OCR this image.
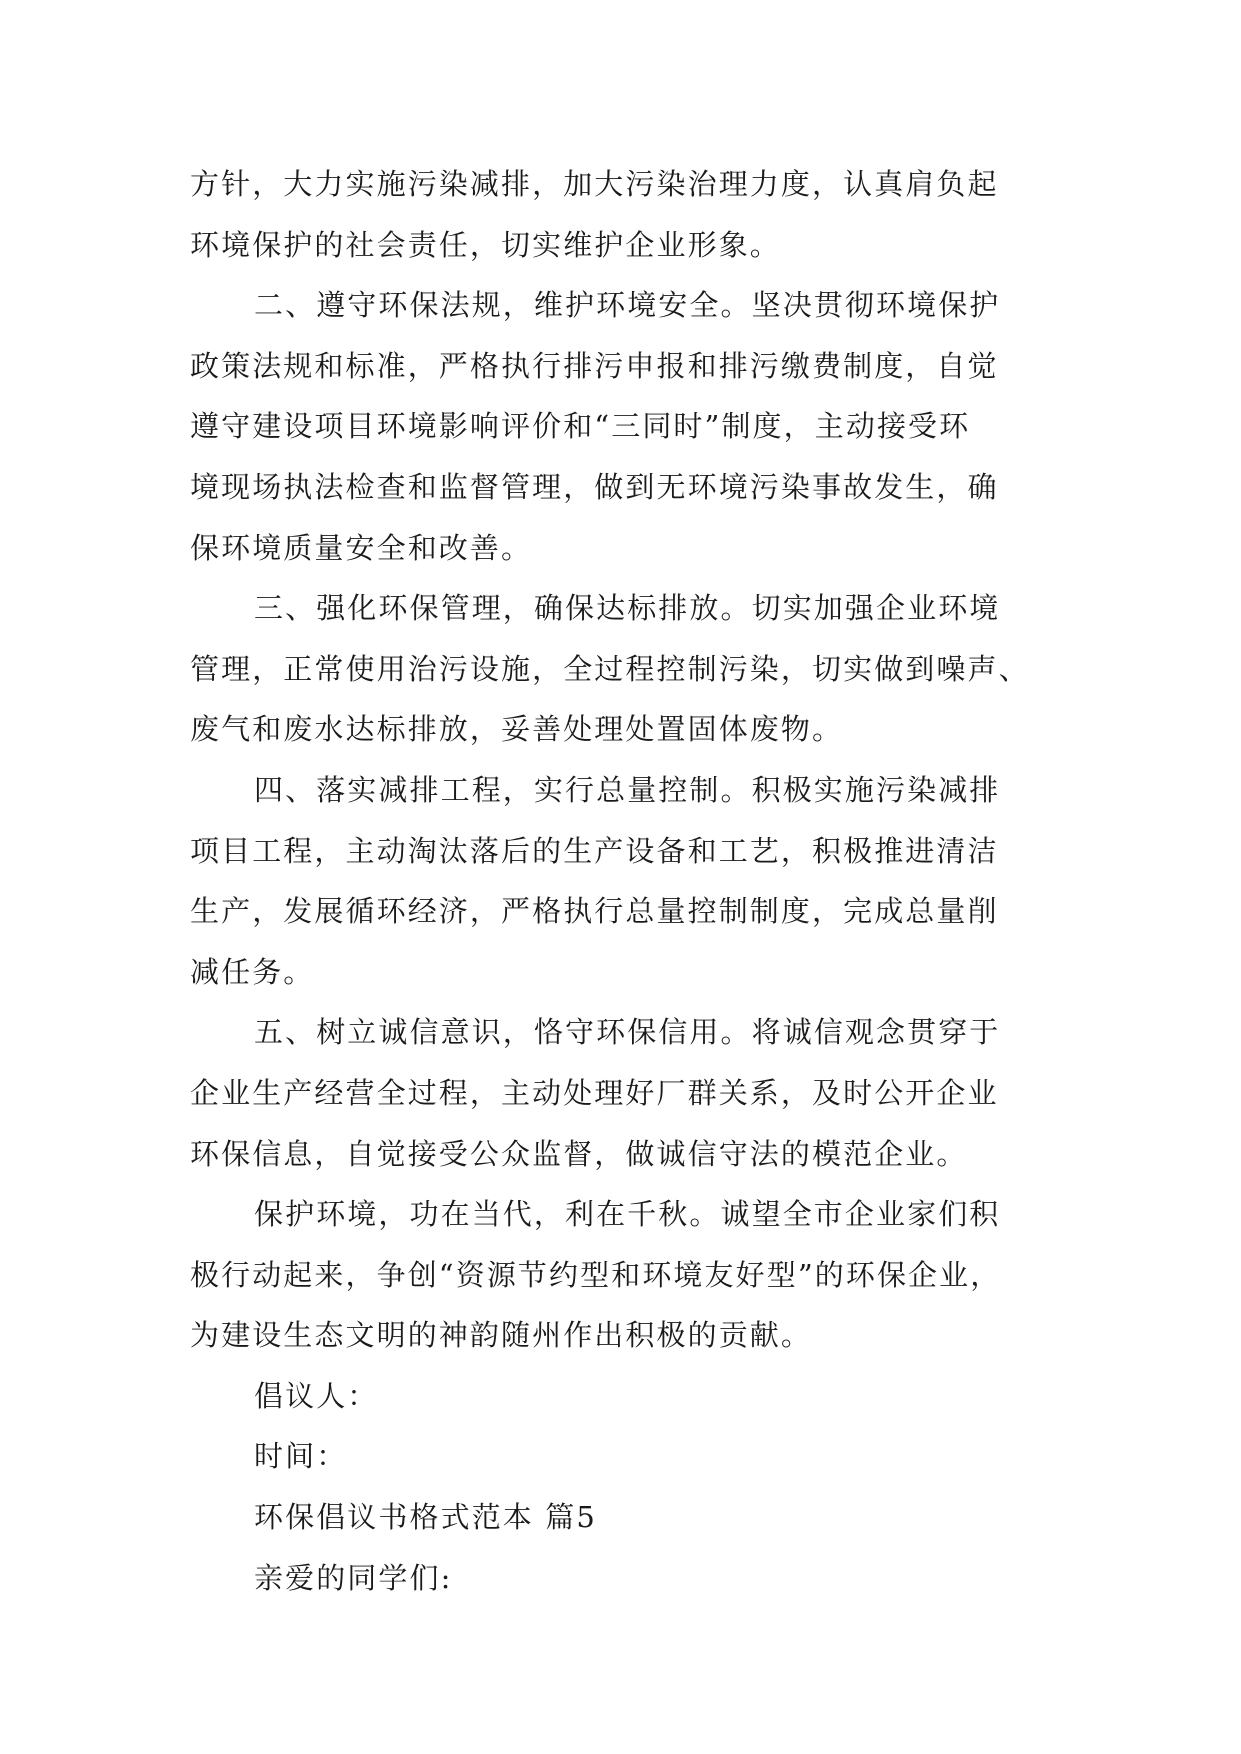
方针，大力实施污染减排，加大污染治理力度，认真肩负起
环境保护的社会责任，切实维护企业形象。
二、遵守环保法规，维护环境安全。坚决贯彻环境保护
政策法规和标准，严格执行排污申报和排污缴费制度，自觉
遵守建设项目环境影响评价和“三同时”制度，主动接受环
境现场执法检查和监督管理，做到无环境污染事故发生，确
保环境质量安全和改善。
三、强化环保管理，确保达标排放。切实加强企业环境
管理，正常使用治污设施，全过程控制污染，切实做到噪声、
废气和废水达标排放，妥善处理处置固体废物。
四、落实减排工程，实行总量控制。积极实施污染减排
项目工程，主动淘汰落后的生产设备和工艺，积极推进清洁
生产，发展循环经济，严格执行总量控制制度，完成总量削
减任务。
五、树立诚信意识，恪守环保信用。将诚信观念贯穿于
企业生产经营全过程，主动处理好厂群关系，及时公开企业
环保信息，自觉接受公众监督，做诚信守法的模范企业。
保护环境，功在当代，利在千秋。诚望全市企业家们积
极行动起来，争创“资源节约型和环境友好型”的环保企业，
为建设生态文明的神韵随州作出积极的贡献。
倡议人：
时间：
环保倡议书格式范本 篇5
亲爱的同学们:
